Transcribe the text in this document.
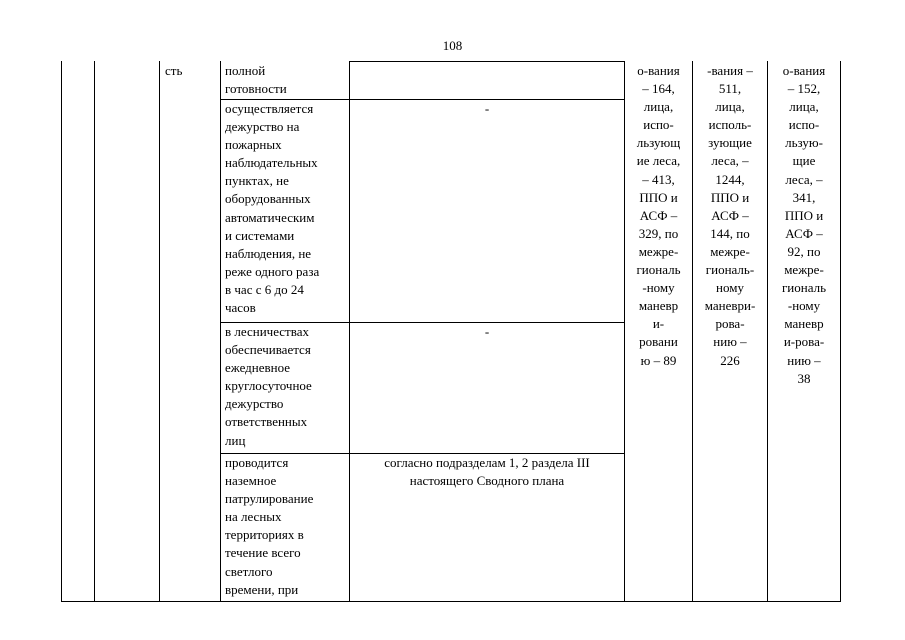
108
сть	полной
готовности
осуществляется
дежурство на
пожарных
наблюдательных
пунктах, не
оборудованных
автоматическим
и системами
наблюдения, не
реже одного раза
в час с 6 до 24
часов
в лесничествах
обеспечивается
ежедневное
круглосуточное
дежурство
ответственных
лиц
проводится
наземное
патрулирование
на лесных
территориях в
течение всего
светлого
времени, при
-
-
согласно подразделам 1, 2 раздела III
настоящего Сводного плана
о-вания
– 164,
лица,
испо-
льзующ
ие леса,
– 413,
ППО и
АСФ –
329, по
межре-
гиональ
-ному
маневр
и-
ровани
ю – 89
-вания –
511,
лица,
исполь-
зующие
леса, –
1244,
ППО и
АСФ –
144, по
межре-
гиональ-
ному
маневри-
рова-
нию –
226
о-вания
– 152,
лица,
испо-
льзую-
щие
леса, –
341,
ППО и
АСФ –
92, по
межре-
гиональ
-ному
маневр
и-рова-
нию –
38
